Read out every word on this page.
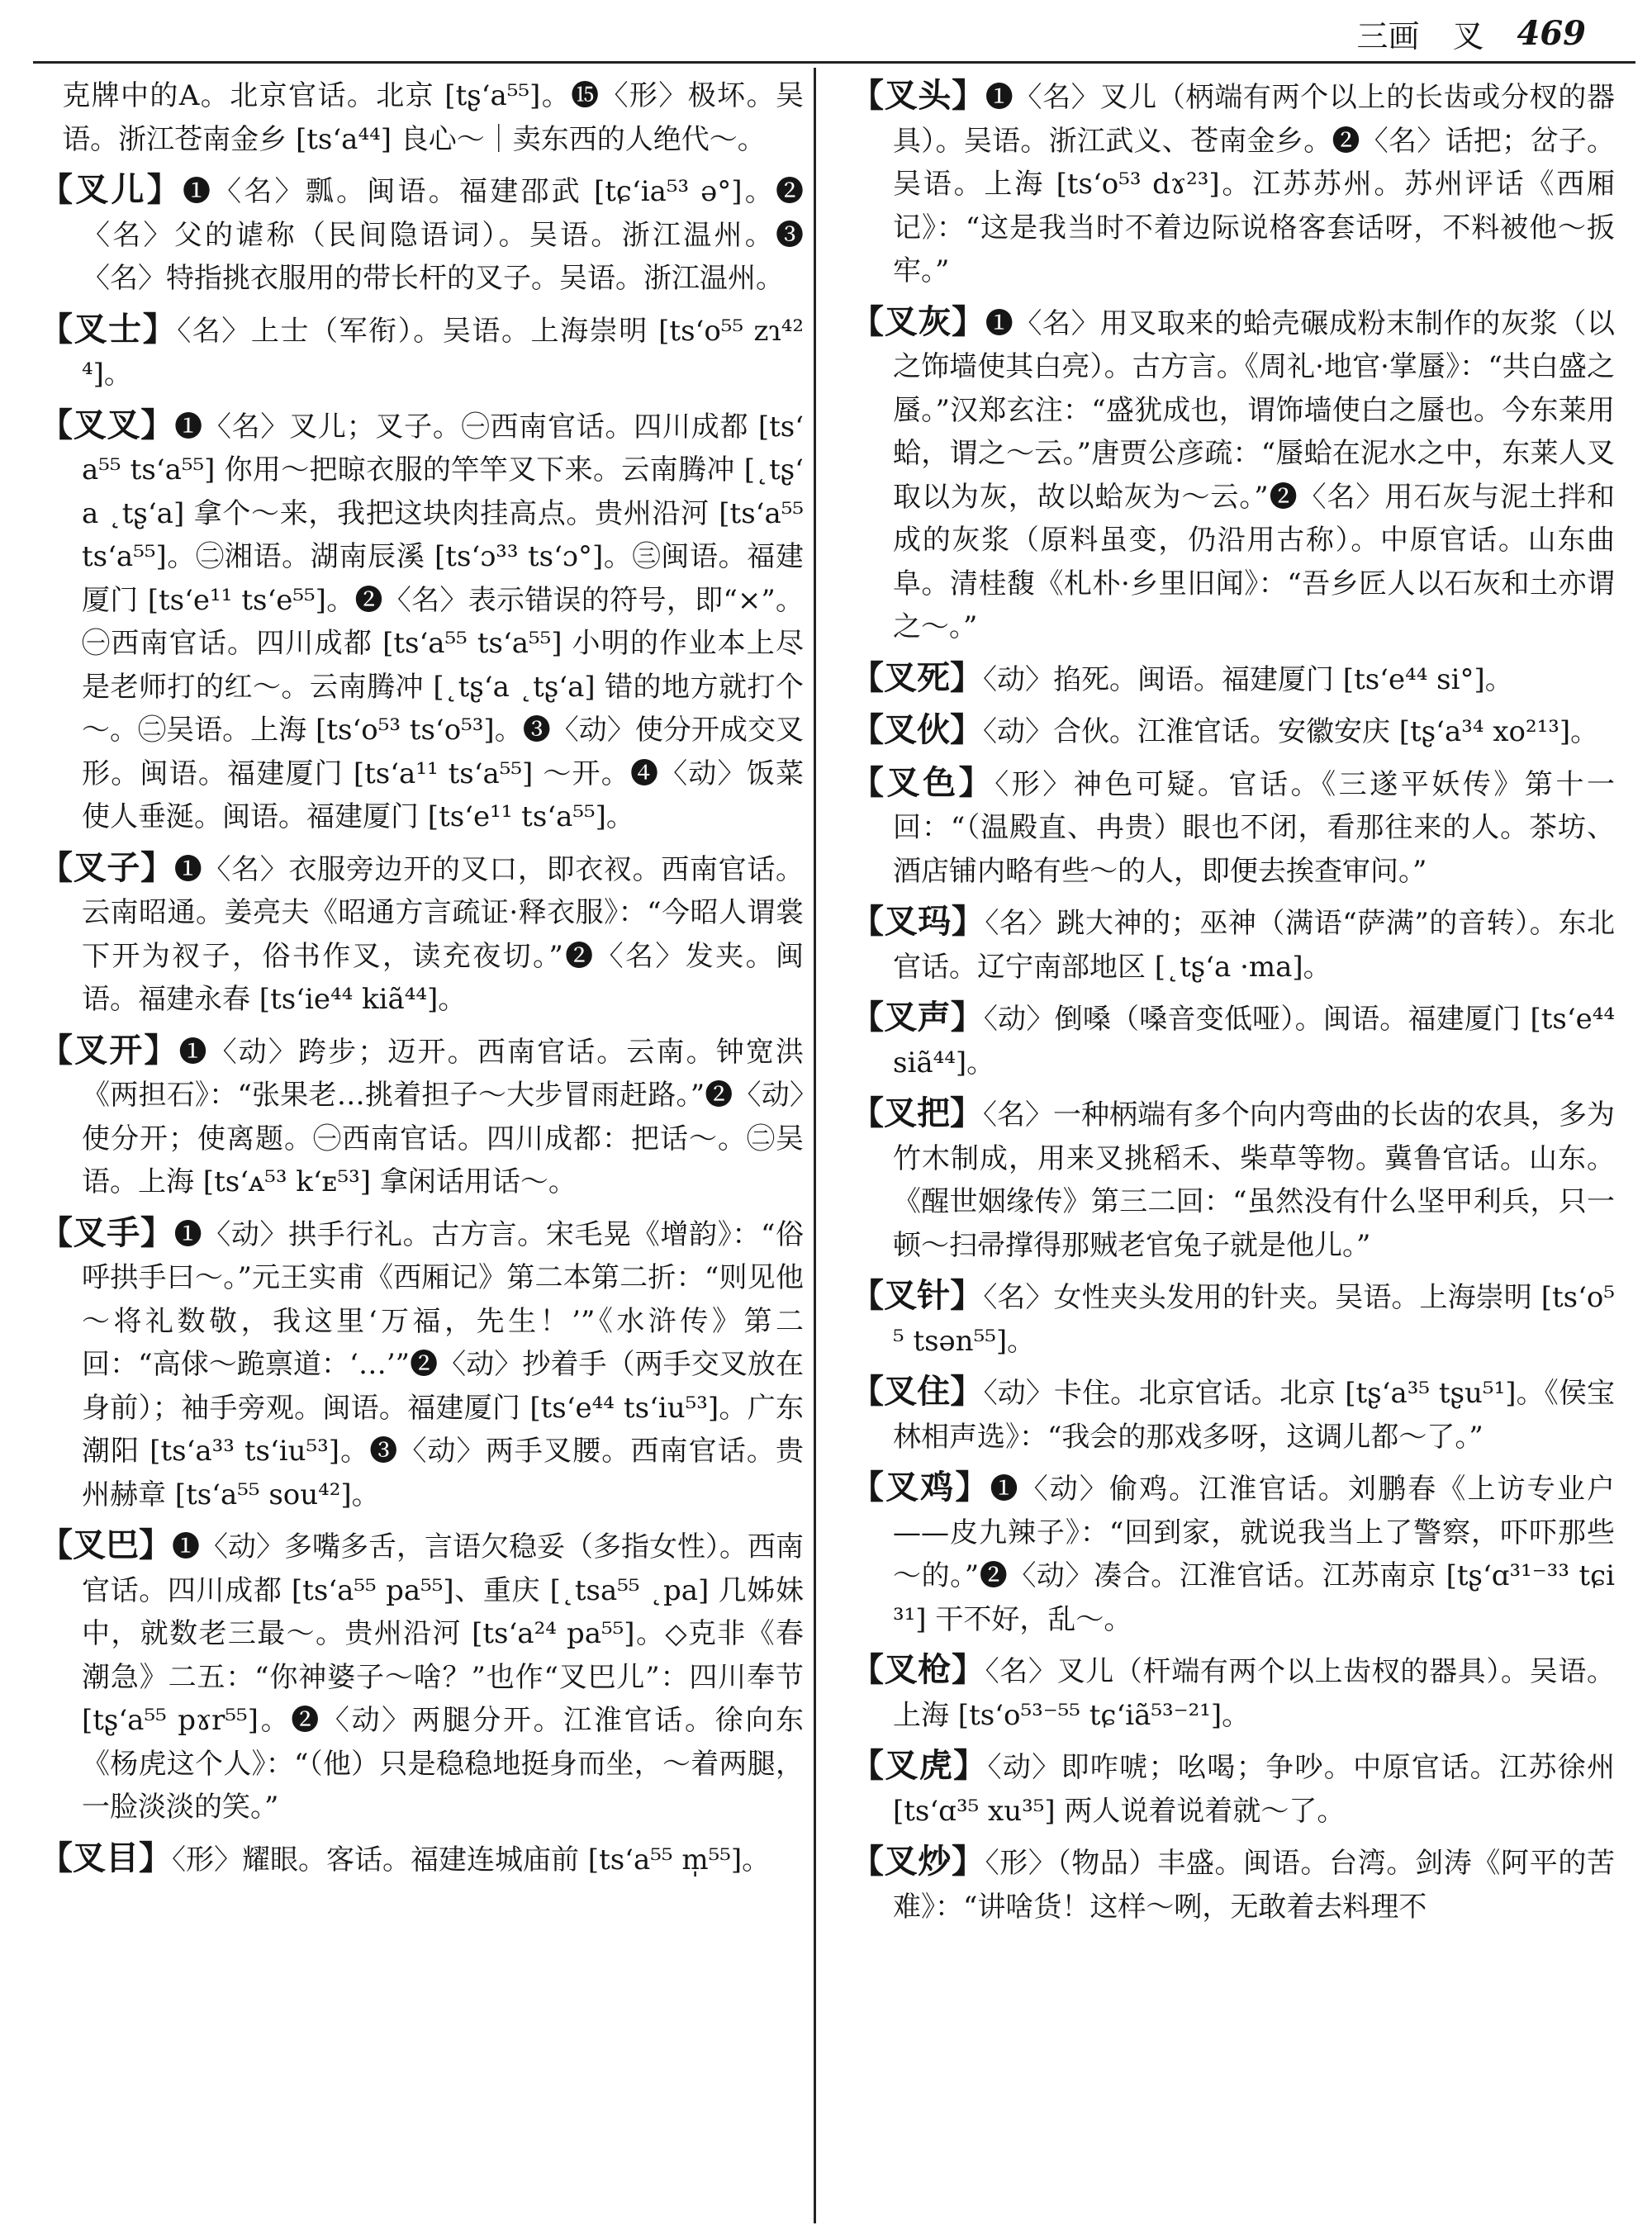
三画 叉 469

克牌中的A。北京官话。北京 [tʂʻa⁵⁵]。⓯〈形〉极坏。吴语。浙江苍南金乡 [tsʻa⁴⁴] 良心～｜卖东西的人绝代～。

【叉儿】❶〈名〉瓢。闽语。福建邵武 [tɕʻia⁵³ ə°]。❷〈名〉父的谑称（民间隐语词）。吴语。浙江温州。❸〈名〉特指挑衣服用的带长杆的叉子。吴语。浙江温州。

【叉士】〈名〉上士（军衔）。吴语。上海崇明 [tsʻo⁵⁵ zɿ⁴²⁴]。

【叉叉】❶〈名〉叉儿；叉子。㊀西南官话。四川成都 [tsʻa⁵⁵ tsʻa⁵⁵] 你用～把晾衣服的竿竿叉下来。云南腾冲 [˛tʂʻa ˛tʂʻa] 拿个～来，我把这块肉挂高点。贵州沿河 [tsʻa⁵⁵ tsʻa⁵⁵]。㊁湘语。湖南辰溪 [tsʻɔ³³ tsʻɔ°]。㊂闽语。福建厦门 [tsʻe¹¹ tsʻe⁵⁵]。❷〈名〉表示错误的符号，即“×”。㊀西南官话。四川成都 [tsʻa⁵⁵ tsʻa⁵⁵] 小明的作业本上尽是老师打的红～。云南腾冲 [˛tʂʻa ˛tʂʻa] 错的地方就打个～。㊁吴语。上海 [tsʻo⁵³ tsʻo⁵³]。❸〈动〉使分开成交叉形。闽语。福建厦门 [tsʻa¹¹ tsʻa⁵⁵] ～开。❹〈动〉饭菜使人垂涎。闽语。福建厦门 [tsʻe¹¹ tsʻa⁵⁵]。

【叉子】❶〈名〉衣服旁边开的叉口，即衣衩。西南官话。云南昭通。姜亮夫《昭通方言疏证·释衣服》：“今昭人谓裳下开为衩子，俗书作叉，读充夜切。”❷〈名〉发夹。闽语。福建永春 [tsʻie⁴⁴ kiã⁴⁴]。

【叉开】❶〈动〉跨步；迈开。西南官话。云南。钟宽洪《两担石》：“张果老…挑着担子～大步冒雨赶路。”❷〈动〉使分开；使离题。㊀西南官话。四川成都：把话～。㊁吴语。上海 [tsʻᴀ⁵³ kʻᴇ⁵³] 拿闲话用话～。

【叉手】❶〈动〉拱手行礼。古方言。宋毛晃《增韵》：“俗呼拱手曰～。”元王实甫《西厢记》第二本第二折：“则见他～将礼数敬，我这里‘万福，先生！’”《水浒传》第二回：“高俅～跪禀道：‘…’”❷〈动〉抄着手（两手交叉放在身前）；袖手旁观。闽语。福建厦门 [tsʻe⁴⁴ tsʻiu⁵³]。广东潮阳 [tsʻa³³ tsʻiu⁵³]。❸〈动〉两手叉腰。西南官话。贵州赫章 [tsʻa⁵⁵ sou⁴²]。

【叉巴】❶〈动〉多嘴多舌，言语欠稳妥（多指女性）。西南官话。四川成都 [tsʻa⁵⁵ pa⁵⁵]、重庆 [˛tsa⁵⁵ ˛pa] 几姊妹中，就数老三最～。贵州沿河 [tsʻa²⁴ pa⁵⁵]。◇克非《春潮急》二五：“你神婆子～啥？”也作“叉巴儿”：四川奉节 [tʂʻa⁵⁵ pɤr⁵⁵]。❷〈动〉两腿分开。江淮官话。徐向东《杨虎这个人》：“（他）只是稳稳地挺身而坐，～着两腿，一脸淡淡的笑。”

【叉目】〈形〉耀眼。客话。福建连城庙前 [tsʻa⁵⁵ m̩⁵⁵]。

【叉头】❶〈名〉叉儿（柄端有两个以上的长齿或分杈的器具）。吴语。浙江武义、苍南金乡。❷〈名〉话把；岔子。吴语。上海 [tsʻo⁵³ dɤ²³]。江苏苏州。苏州评话《西厢记》：“这是我当时不着边际说格客套话呀，不料被他～扳牢。”

【叉灰】❶〈名〉用叉取来的蛤壳碾成粉末制作的灰浆（以之饰墙使其白亮）。古方言。《周礼·地官·掌蜃》：“共白盛之蜃。”汉郑玄注：“盛犹成也，谓饰墙使白之蜃也。今东莱用蛤，谓之～云。”唐贾公彦疏：“蜃蛤在泥水之中，东莱人叉取以为灰，故以蛤灰为～云。”❷〈名〉用石灰与泥土拌和成的灰浆（原料虽变，仍沿用古称）。中原官话。山东曲阜。清桂馥《札朴·乡里旧闻》：“吾乡匠人以石灰和土亦谓之～。”

【叉死】〈动〉掐死。闽语。福建厦门 [tsʻe⁴⁴ si°]。

【叉伙】〈动〉合伙。江淮官话。安徽安庆 [tʂʻa³⁴ xo²¹³]。

【叉色】〈形〉神色可疑。官话。《三遂平妖传》第十一回：“（温殿直、冉贵）眼也不闭，看那往来的人。茶坊、酒店铺内略有些～的人，即便去挨查审问。”

【叉玛】〈名〉跳大神的；巫神（满语“萨满”的音转）。东北官话。辽宁南部地区 [˛tʂʻa ·ma]。

【叉声】〈动〉倒嗓（嗓音变低哑）。闽语。福建厦门 [tsʻe⁴⁴ siã⁴⁴]。

【叉把】〈名〉一种柄端有多个向内弯曲的长齿的农具，多为竹木制成，用来叉挑稻禾、柴草等物。冀鲁官话。山东。《醒世姻缘传》第三二回：“虽然没有什么坚甲利兵，只一顿～扫帚撑得那贼老官兔子就是他儿。”

【叉针】〈名〉女性夹头发用的针夹。吴语。上海崇明 [tsʻo⁵⁵ tsən⁵⁵]。

【叉住】〈动〉卡住。北京官话。北京 [tʂʻa³⁵ tʂu⁵¹]。《侯宝林相声选》：“我会的那戏多呀，这调儿都～了。”

【叉鸡】❶〈动〉偷鸡。江淮官话。刘鹏春《上访专业户——皮九辣子》：“回到家，就说我当上了警察，吓吓那些～的。”❷〈动〉凑合。江淮官话。江苏南京 [tʂʻɑ³¹⁻³³ tɕi³¹] 干不好，乱～。

【叉枪】〈名〉叉儿（杆端有两个以上齿杈的器具）。吴语。上海 [tsʻo⁵³⁻⁵⁵ tɕʻiã⁵³⁻²¹]。

【叉虎】〈动〉即咋唬；吆喝；争吵。中原官话。江苏徐州 [tsʻɑ³⁵ xu³⁵] 两人说着说着就～了。

【叉炒】〈形〉（物品）丰盛。闽语。台湾。剑涛《阿平的苦难》：“讲啥货！这样～咧，无敢着去料理不
